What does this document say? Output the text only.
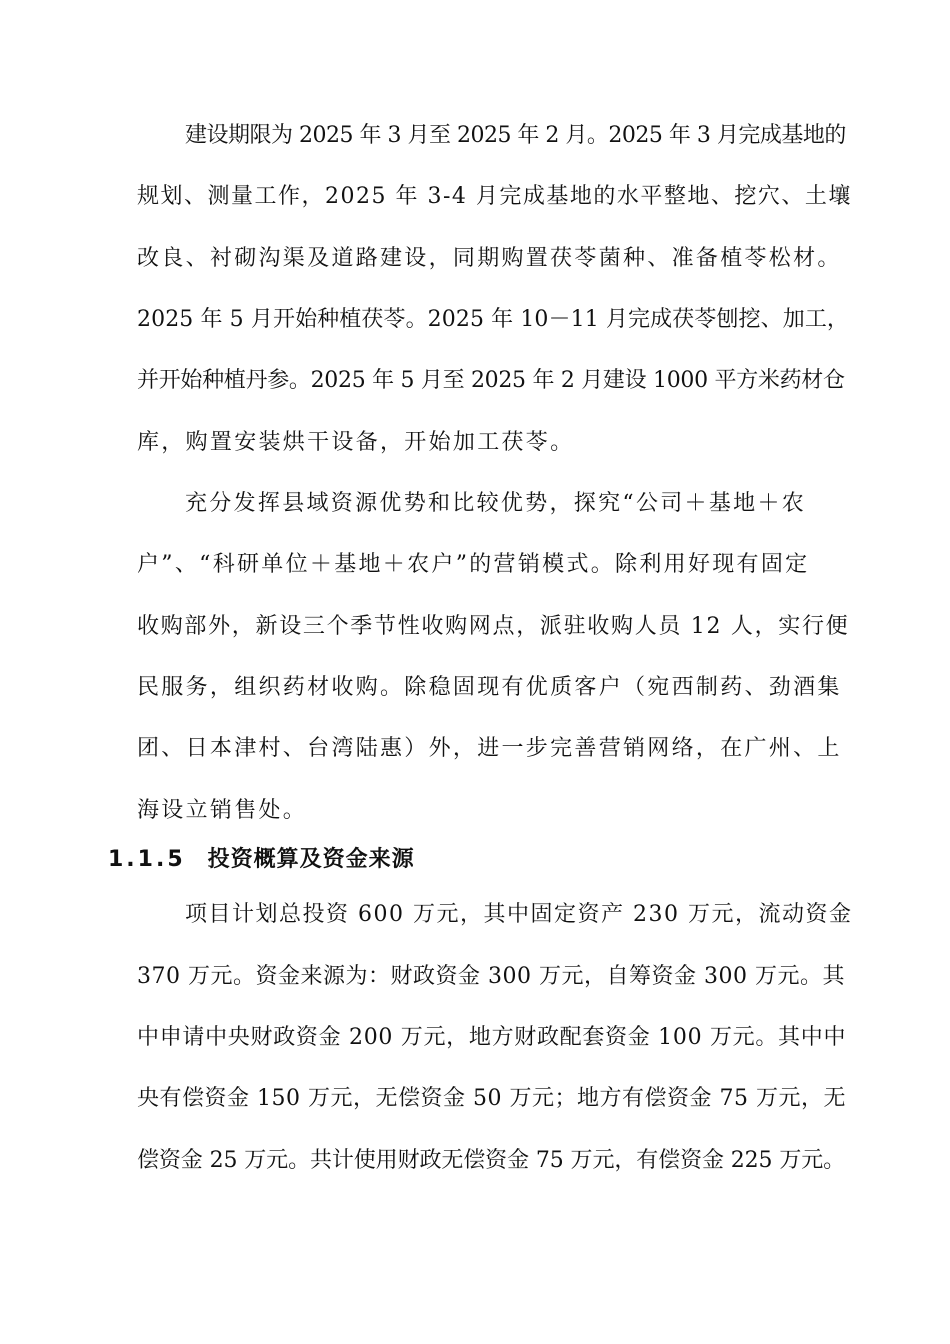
建设期限为 2025 年 3 月至 2025 年 2 月。2025 年 3 月完成基地的
规划、测量工作，2025 年 3-4 月完成基地的水平整地、挖穴、土壤
改良、衬砌沟渠及道路建设，同期购置茯苓菌种、准备植苓松材。
2025 年 5 月开始种植茯苓。2025 年 10－11 月完成茯苓刨挖、加工，
并开始种植丹参。2025 年 5 月至 2025 年 2 月建设 1000 平方米药材仓
库，购置安装烘干设备，开始加工茯苓。
充分发挥县域资源优势和比较优势，探究“公司＋基地＋农
户”、“科研单位＋基地＋农户”的营销模式。除利用好现有固定
收购部外，新设三个季节性收购网点，派驻收购人员 12 人，实行便
民服务，组织药材收购。除稳固现有优质客户（宛西制药、劲酒集
团、日本津村、台湾陆惠）外，进一步完善营销网络，在广州、上
海设立销售处。
1.1.5 投资概算及资金来源
项目计划总投资 600 万元，其中固定资产 230 万元，流动资金
370 万元。资金来源为：财政资金 300 万元，自筹资金 300 万元。其
中申请中央财政资金 200 万元，地方财政配套资金 100 万元。其中中
央有偿资金 150 万元，无偿资金 50 万元；地方有偿资金 75 万元，无
偿资金 25 万元。共计使用财政无偿资金 75 万元，有偿资金 225 万元。
